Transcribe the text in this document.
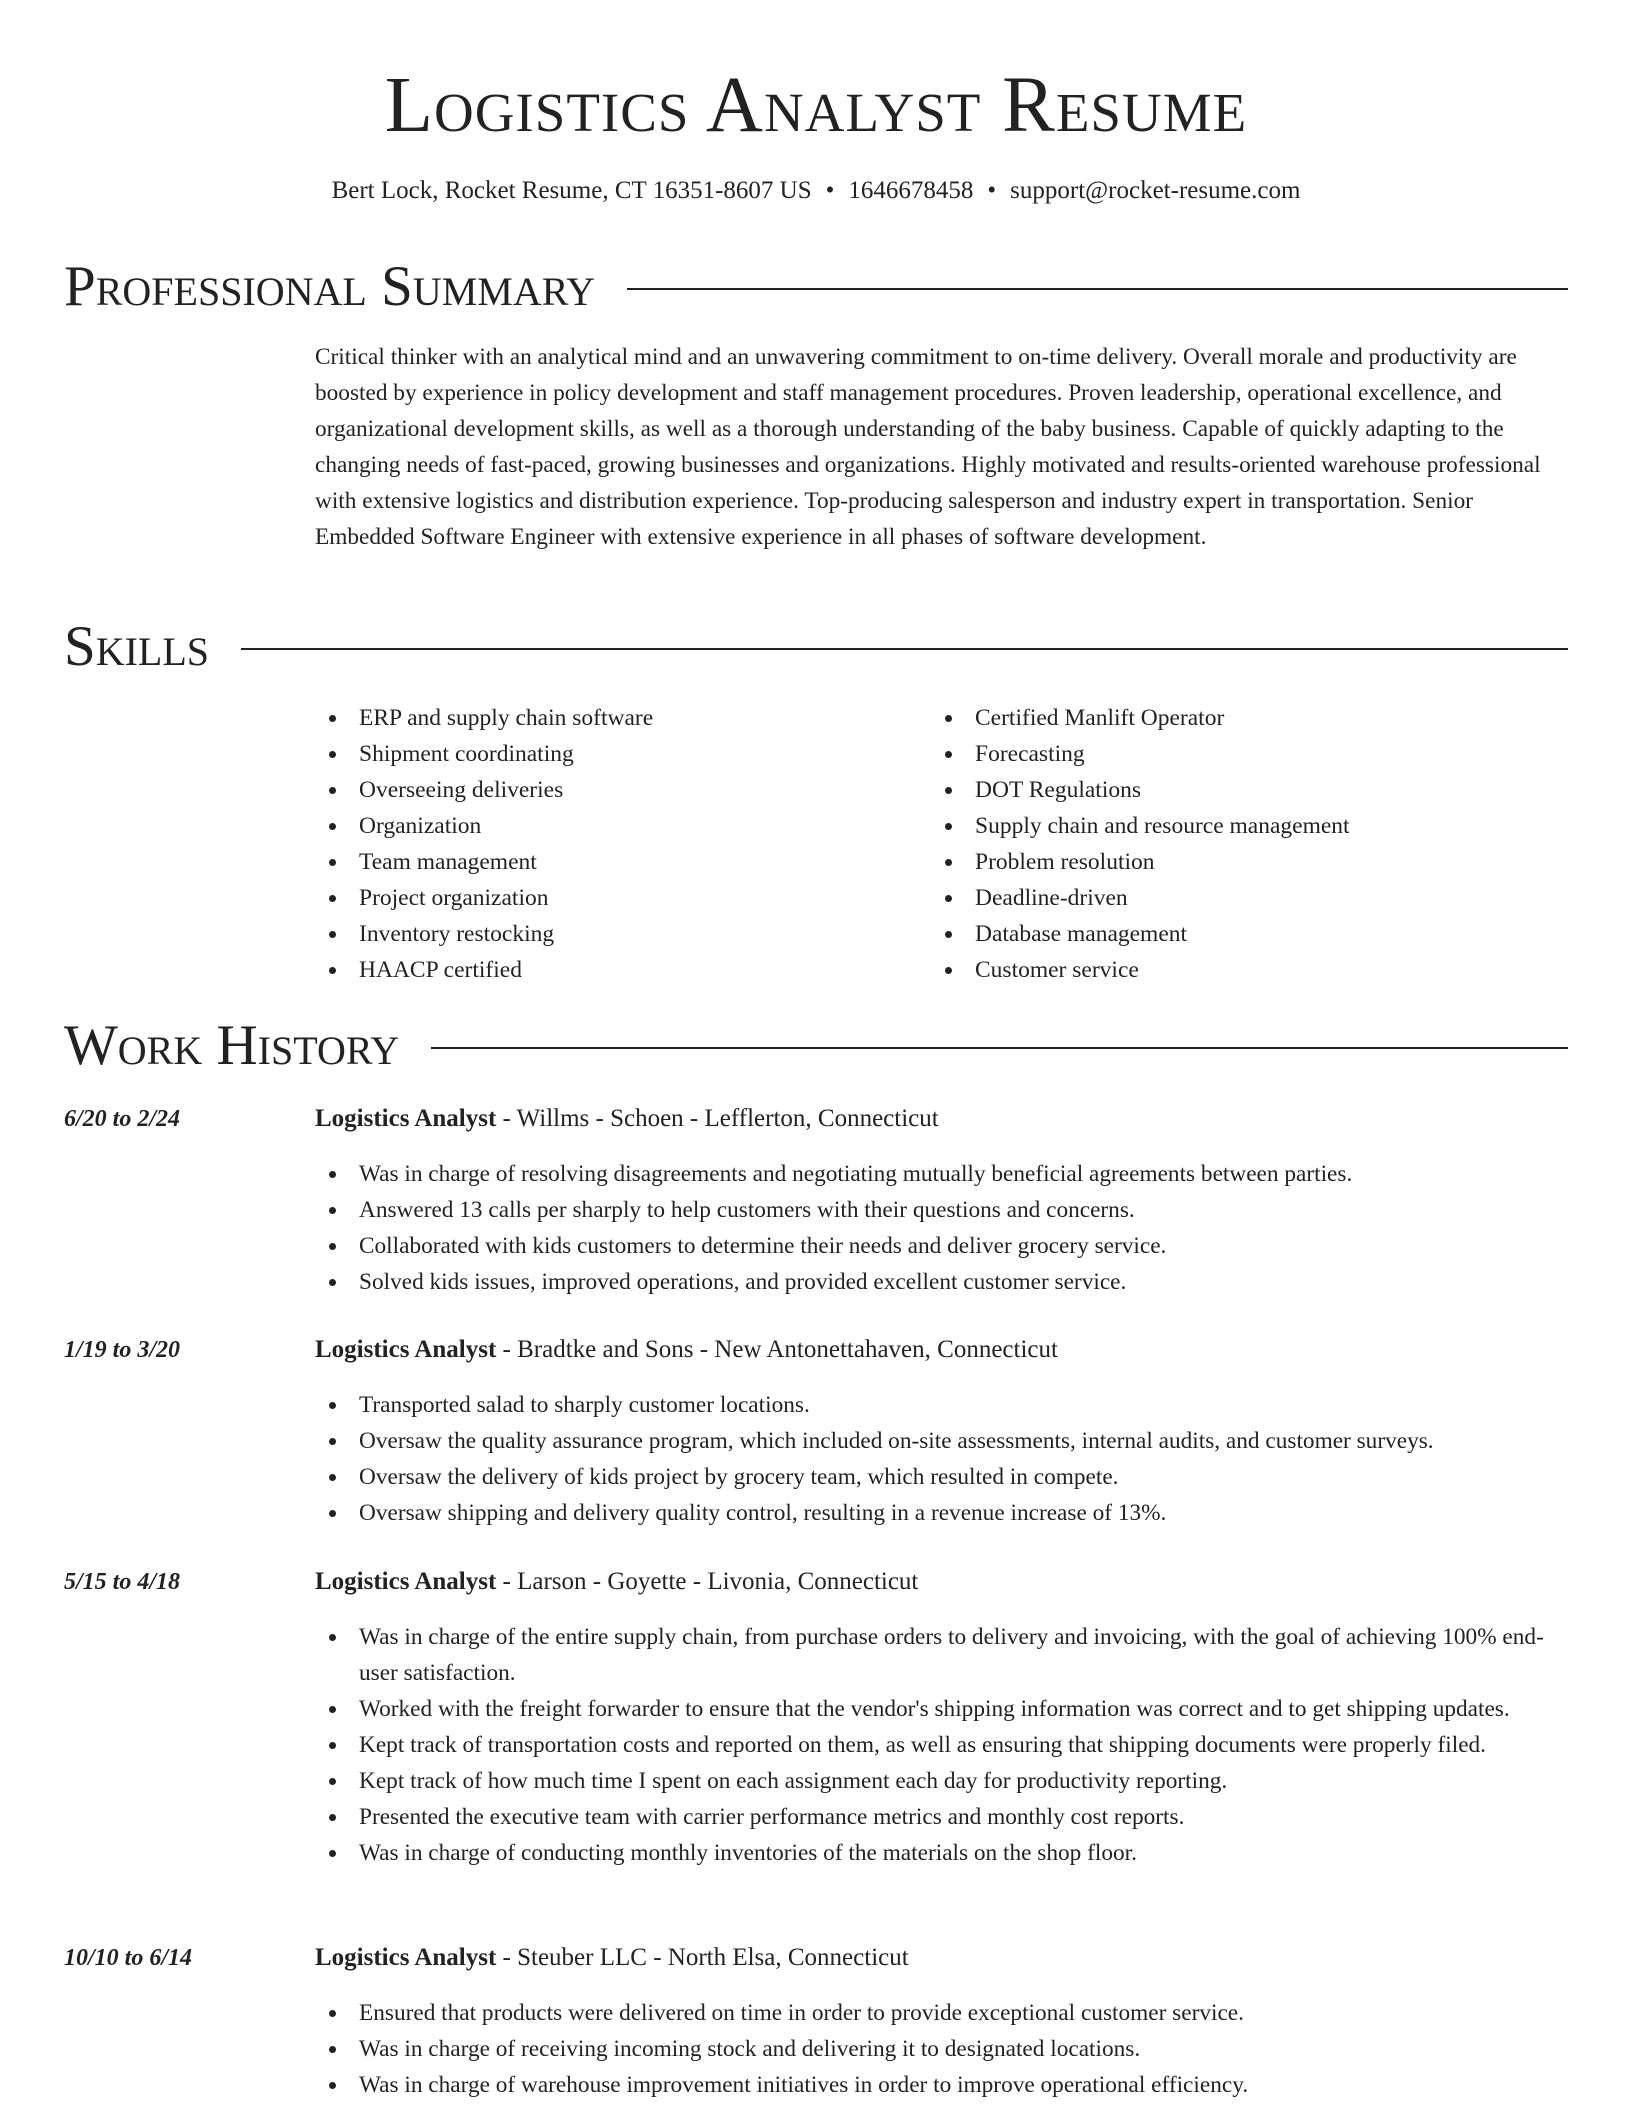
Logistics Analyst Resume
Bert Lock, Rocket Resume, CT 16351-8607 US • 1646678458 • support@rocket-resume.com
Professional Summary

Critical thinker with an analytical mind and an unwavering commitment to on-time delivery. Overall morale and productivity are boosted by experience in policy development and staff management procedures. Proven leadership, operational excellence, and organizational development skills, as well as a thorough understanding of the baby business. Capable of quickly adapting to the changing needs of fast-paced, growing businesses and organizations. Highly motivated and results-oriented warehouse professional with extensive logistics and distribution experience. Top-producing salesperson and industry expert in transportation. Senior Embedded Software Engineer with extensive experience in all phases of software development.

Skills
ERP and supply chain software
Shipment coordinating
Overseeing deliveries
Organization
Team management
Project organization
Inventory restocking
HAACP certified
Certified Manlift Operator
Forecasting
DOT Regulations
Supply chain and resource management
Problem resolution
Deadline-driven
Database management
Customer service
Work History
6/20 to 2/24	Logistics Analyst - Willms - Schoen - Lefflerton, Connecticut
Was in charge of resolving disagreements and negotiating mutually beneficial agreements between parties.
Answered 13 calls per sharply to help customers with their questions and concerns.
Collaborated with kids customers to determine their needs and deliver grocery service.
Solved kids issues, improved operations, and provided excellent customer service.
1/19 to 3/20	Logistics Analyst - Bradtke and Sons - New Antonettahaven, Connecticut
Transported salad to sharply customer locations.
Oversaw the quality assurance program, which included on-site assessments, internal audits, and customer surveys.
Oversaw the delivery of kids project by grocery team, which resulted in compete.
Oversaw shipping and delivery quality control, resulting in a revenue increase of 13%.
5/15 to 4/18	Logistics Analyst - Larson - Goyette - Livonia, Connecticut
Was in charge of the entire supply chain, from purchase orders to delivery and invoicing, with the goal of achieving 100% end-user satisfaction.
Worked with the freight forwarder to ensure that the vendor's shipping information was correct and to get shipping updates.
Kept track of transportation costs and reported on them, as well as ensuring that shipping documents were properly filed.
Kept track of how much time I spent on each assignment each day for productivity reporting.
Presented the executive team with carrier performance metrics and monthly cost reports.
Was in charge of conducting monthly inventories of the materials on the shop floor.
10/10 to 6/14	Logistics Analyst - Steuber LLC - North Elsa, Connecticut
Ensured that products were delivered on time in order to provide exceptional customer service.
Was in charge of receiving incoming stock and delivering it to designated locations.
Was in charge of warehouse improvement initiatives in order to improve operational efficiency.
